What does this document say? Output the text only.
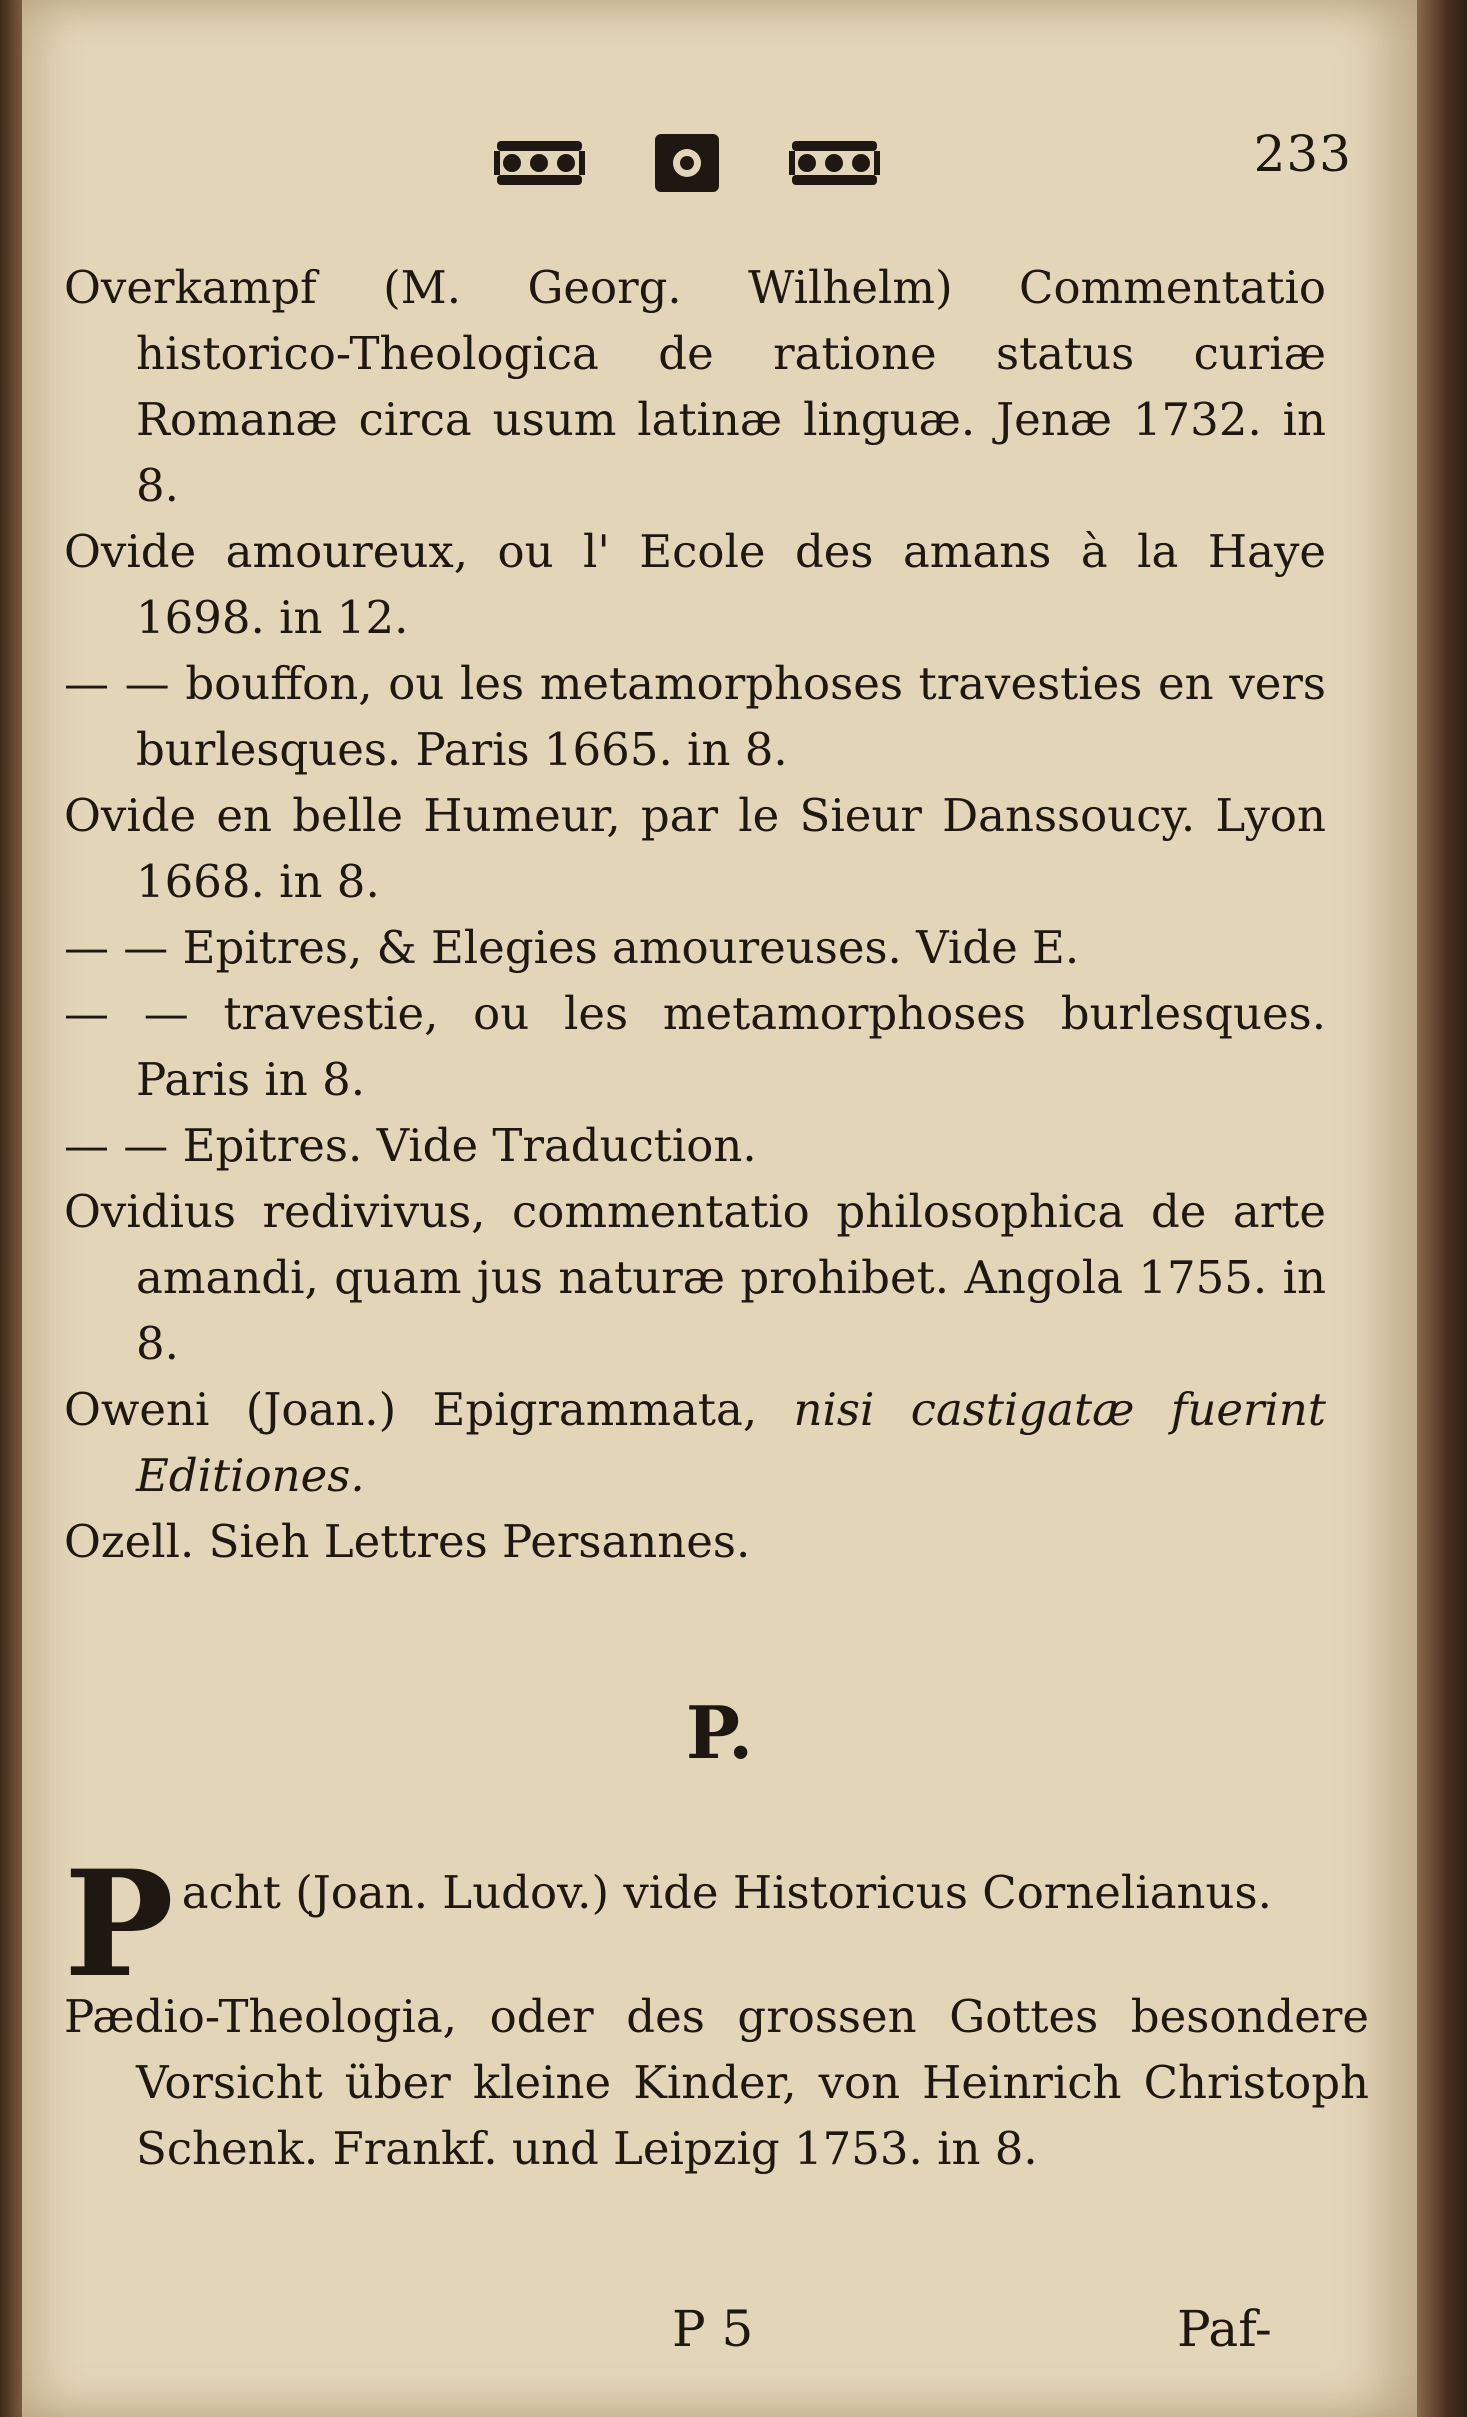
233
Overkampf (M. Georg. Wilhelm) Commentatio historico-Theologica de ratione status curiæ Romanæ circa usum latinæ linguæ. Jenæ 1732. in 8.
Ovide amoureux, ou l' Ecole des amans à la Haye 1698. in 12.
— — bouffon, ou les metamorphoses travesties en vers burlesques. Paris 1665. in 8.
Ovide en belle Humeur, par le Sieur Danssoucy. Lyon 1668. in 8.
— — Epitres, & Elegies amoureuses. Vide E.
— — travestie, ou les metamorphoses burlesques. Paris in 8.
— — Epitres. Vide Traduction.
Ovidius redivivus, commentatio philosophica de arte amandi, quam jus naturæ prohibet. Angola 1755. in 8.
Oweni (Joan.) Epigrammata, nisi castigatæ fuerint Editiones.
Ozell. Sieh Lettres Persannes.
P.
P acht (Joan. Ludov.) vide Historicus Cornelianus.
Pædio-Theologia, oder des grossen Gottes besondere Vorsicht über kleine Kinder, von Heinrich Christoph Schenk. Frankf. und Leipzig 1753. in 8.
P 5	Paf-
